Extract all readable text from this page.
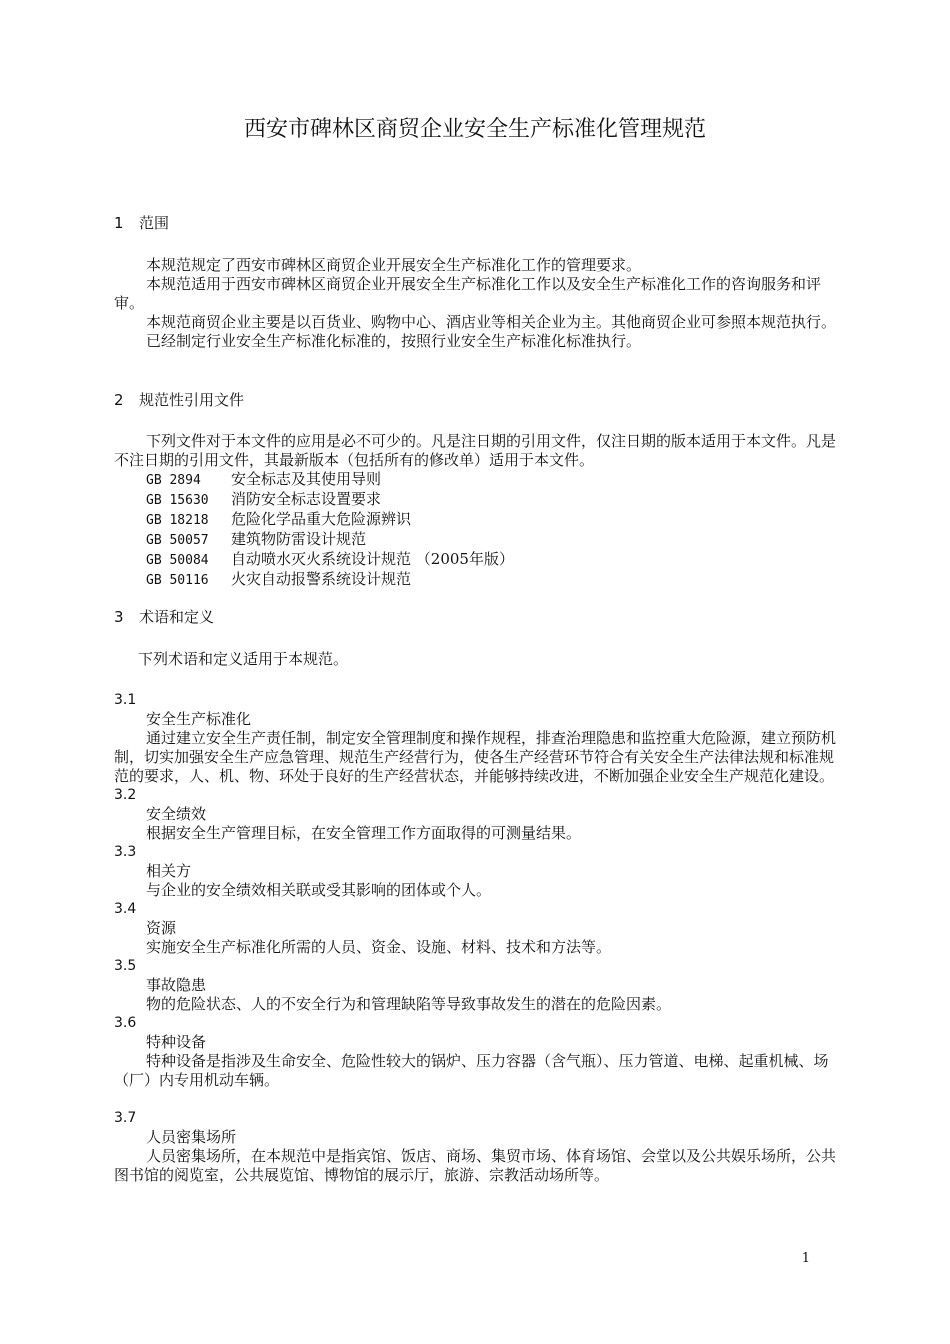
西安市碑林区商贸企业安全生产标准化管理规范
1 范围

本规范规定了西安市碑林区商贸企业开展安全生产标准化工作的管理要求。

本规范适用于西安市碑林区商贸企业开展安全生产标准化工作以及安全生产标准化工作的咨询服务和评审。

本规范商贸企业主要是以百货业、购物中心、酒店业等相关企业为主。其他商贸企业可参照本规范执行。

已经制定行业安全生产标准化标准的，按照行业安全生产标准化标准执行。

2 规范性引用文件

下列文件对于本文件的应用是必不可少的。凡是注日期的引用文件，仅注日期的版本适用于本文件。凡是不注日期的引用文件，其最新版本（包括所有的修改单）适用于本文件。

GB 2894 安全标志及其使用导则
GB 15630 消防安全标志设置要求
GB 18218 危险化学品重大危险源辨识
GB 50057 建筑物防雷设计规范
GB 50084 自动喷水灭火系统设计规范 （2005年版）
GB 50116 火灾自动报警系统设计规范
3 术语和定义

下列术语和定义适用于本规范。

3.1
安全生产标准化

通过建立安全生产责任制，制定安全管理制度和操作规程，排查治理隐患和监控重大危险源，建立预防机制，切实加强安全生产应急管理、规范生产经营行为，使各生产经营环节符合有关安全生产法律法规和标准规范的要求，人、机、物、环处于良好的生产经营状态，并能够持续改进，不断加强企业安全生产规范化建设。

3.2
安全绩效

根据安全生产管理目标，在安全管理工作方面取得的可测量结果。

3.3
相关方

与企业的安全绩效相关联或受其影响的团体或个人。

3.4
资源

实施安全生产标准化所需的人员、资金、设施、材料、技术和方法等。

3.5
事故隐患

物的危险状态、人的不安全行为和管理缺陷等导致事故发生的潜在的危险因素。

3.6
特种设备

特种设备是指涉及生命安全、危险性较大的锅炉、压力容器（含气瓶）、压力管道、电梯、起重机械、场（厂）内专用机动车辆。

3.7
人员密集场所

人员密集场所，在本规范中是指宾馆、饭店、商场、集贸市场、体育场馆、会堂以及公共娱乐场所，公共图书馆的阅览室，公共展览馆、博物馆的展示厅，旅游、宗教活动场所等。

1
